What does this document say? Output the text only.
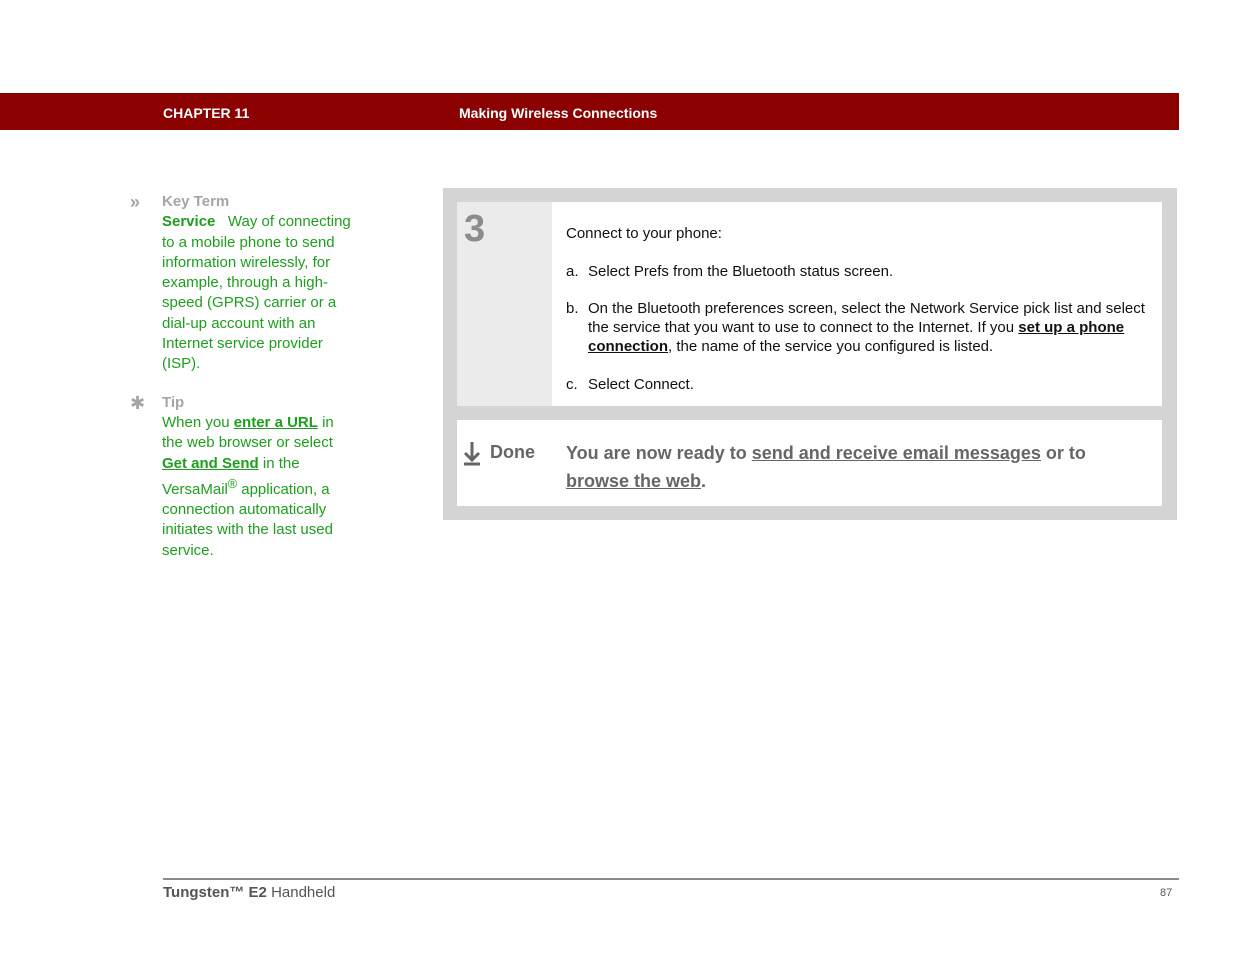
CHAPTER 11	Making Wireless Connections
» Key Term
Service Way of connecting to a mobile phone to send information wirelessly, for example, through a high-speed (GPRS) carrier or a dial-up account with an Internet service provider (ISP).
✱ Tip
When you enter a URL in the web browser or select Get and Send in the VersaMail® application, a connection automatically initiates with the last used service.
3	Connect to your phone:

a. Select Prefs from the Bluetooth status screen.
b. On the Bluetooth preferences screen, select the Network Service pick list and select the service that you want to use to connect to the Internet. If you set up a phone connection, the name of the service you configured is listed.
c. Select Connect.
Done You are now ready to send and receive email messages or to browse the web.
Tungsten™ E2 Handheld	87
